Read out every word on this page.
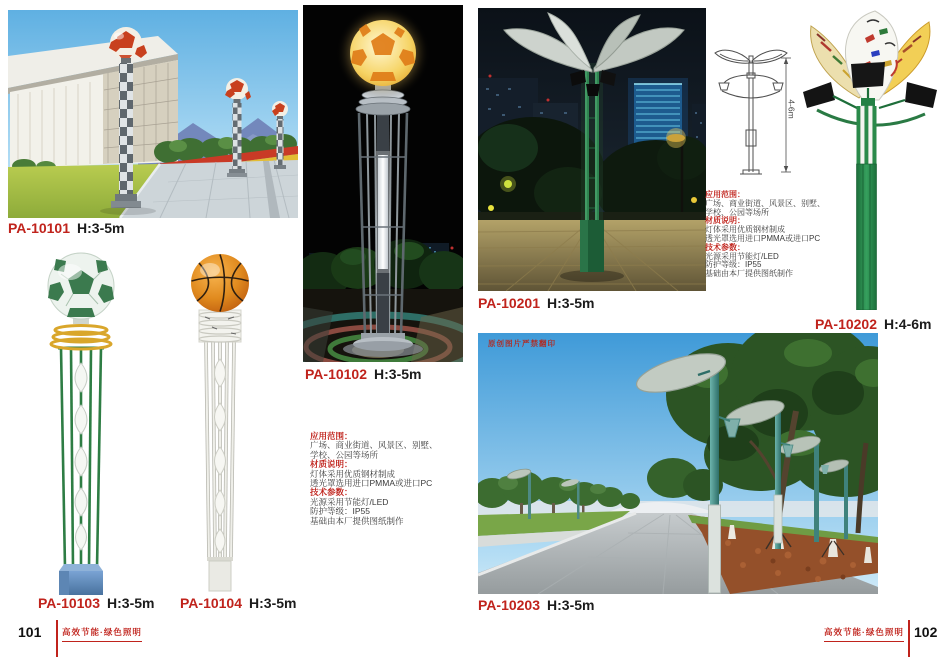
PA-10101 H:3-5m
PA-10102 H:3-5m
PA-10103 H:3-5m PA-10104 H:3-5m
应用范围：
广场、商业街道、风景区、别墅、
学校、公园等场所
材质说明：
灯体采用优质钢材制成
透光罩选用进口PMMA或进口PC
技术参数：
光源采用节能灯/LED
防护等级：IP55
基础由本厂提供图纸制作
PA-10201 H:3-5m
4-6m
应用范围：
广场、商业街道、风景区、别墅、
学校、公园等场所
材质说明：
灯体采用优质钢材制成
透光罩选用进口PMMA或进口PC
技术参数：
光源采用节能灯/LED
防护等级：IP55
基础由本厂提供图纸制作
PA-10202 H:4-6m
原创图片严禁翻印
PA-10203 H:3-5m
101 高效节能·绿色照明	高效节能·绿色照明 102
